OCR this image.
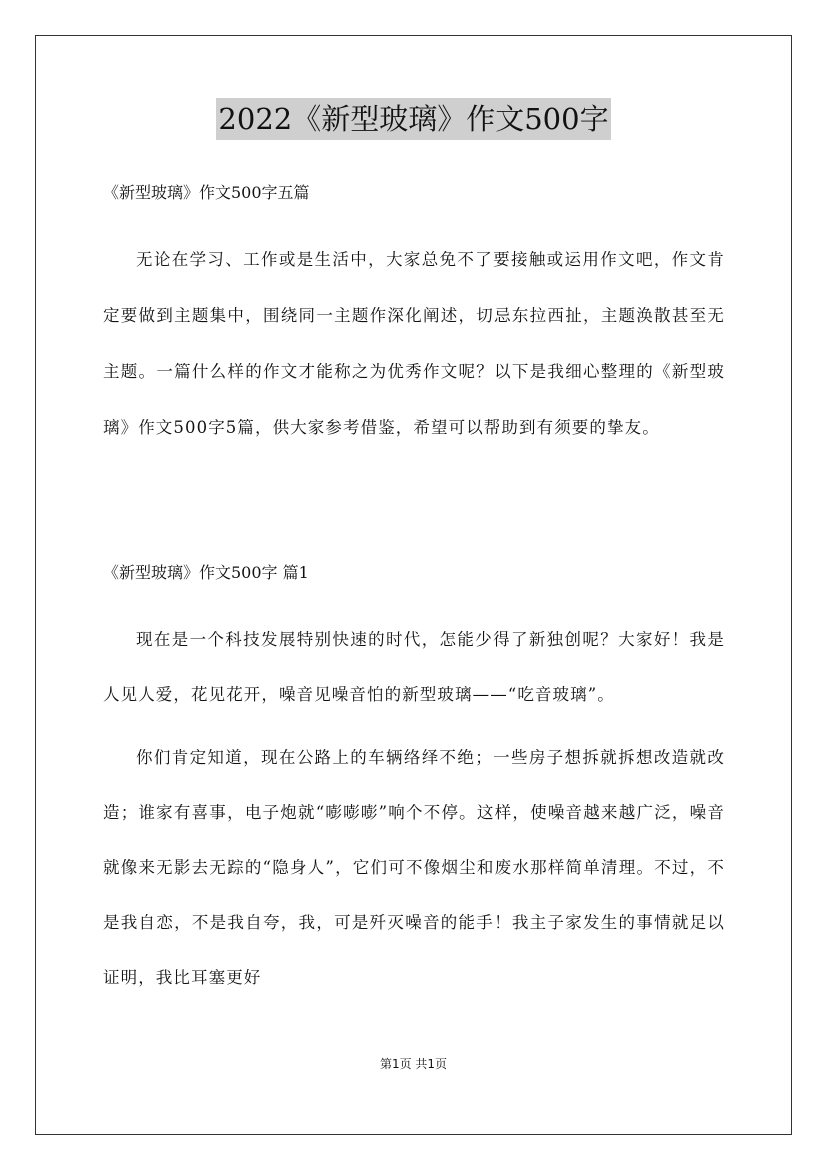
2022《新型玻璃》作文500字
《新型玻璃》作文500字五篇

无论在学习、工作或是生活中，大家总免不了要接触或运用作文吧，作文肯定要做到主题集中，围绕同一主题作深化阐述，切忌东拉西扯，主题涣散甚至无主题。一篇什么样的作文才能称之为优秀作文呢？以下是我细心整理的《新型玻璃》作文500字5篇，供大家参考借鉴，希望可以帮助到有须要的挚友。

《新型玻璃》作文500字 篇1

现在是一个科技发展特别快速的时代，怎能少得了新独创呢？大家好！我是人见人爱，花见花开，噪音见噪音怕的新型玻璃——“吃音玻璃”。

你们肯定知道，现在公路上的车辆络绎不绝；一些房子想拆就拆想改造就改造；谁家有喜事，电子炮就“嘭嘭嘭”响个不停。这样，使噪音越来越广泛，噪音就像来无影去无踪的“隐身人”，它们可不像烟尘和废水那样简单清理。不过，不是我自恋，不是我自夸，我，可是歼灭噪音的能手！我主子家发生的事情就足以证明，我比耳塞更好

第1页 共1页
